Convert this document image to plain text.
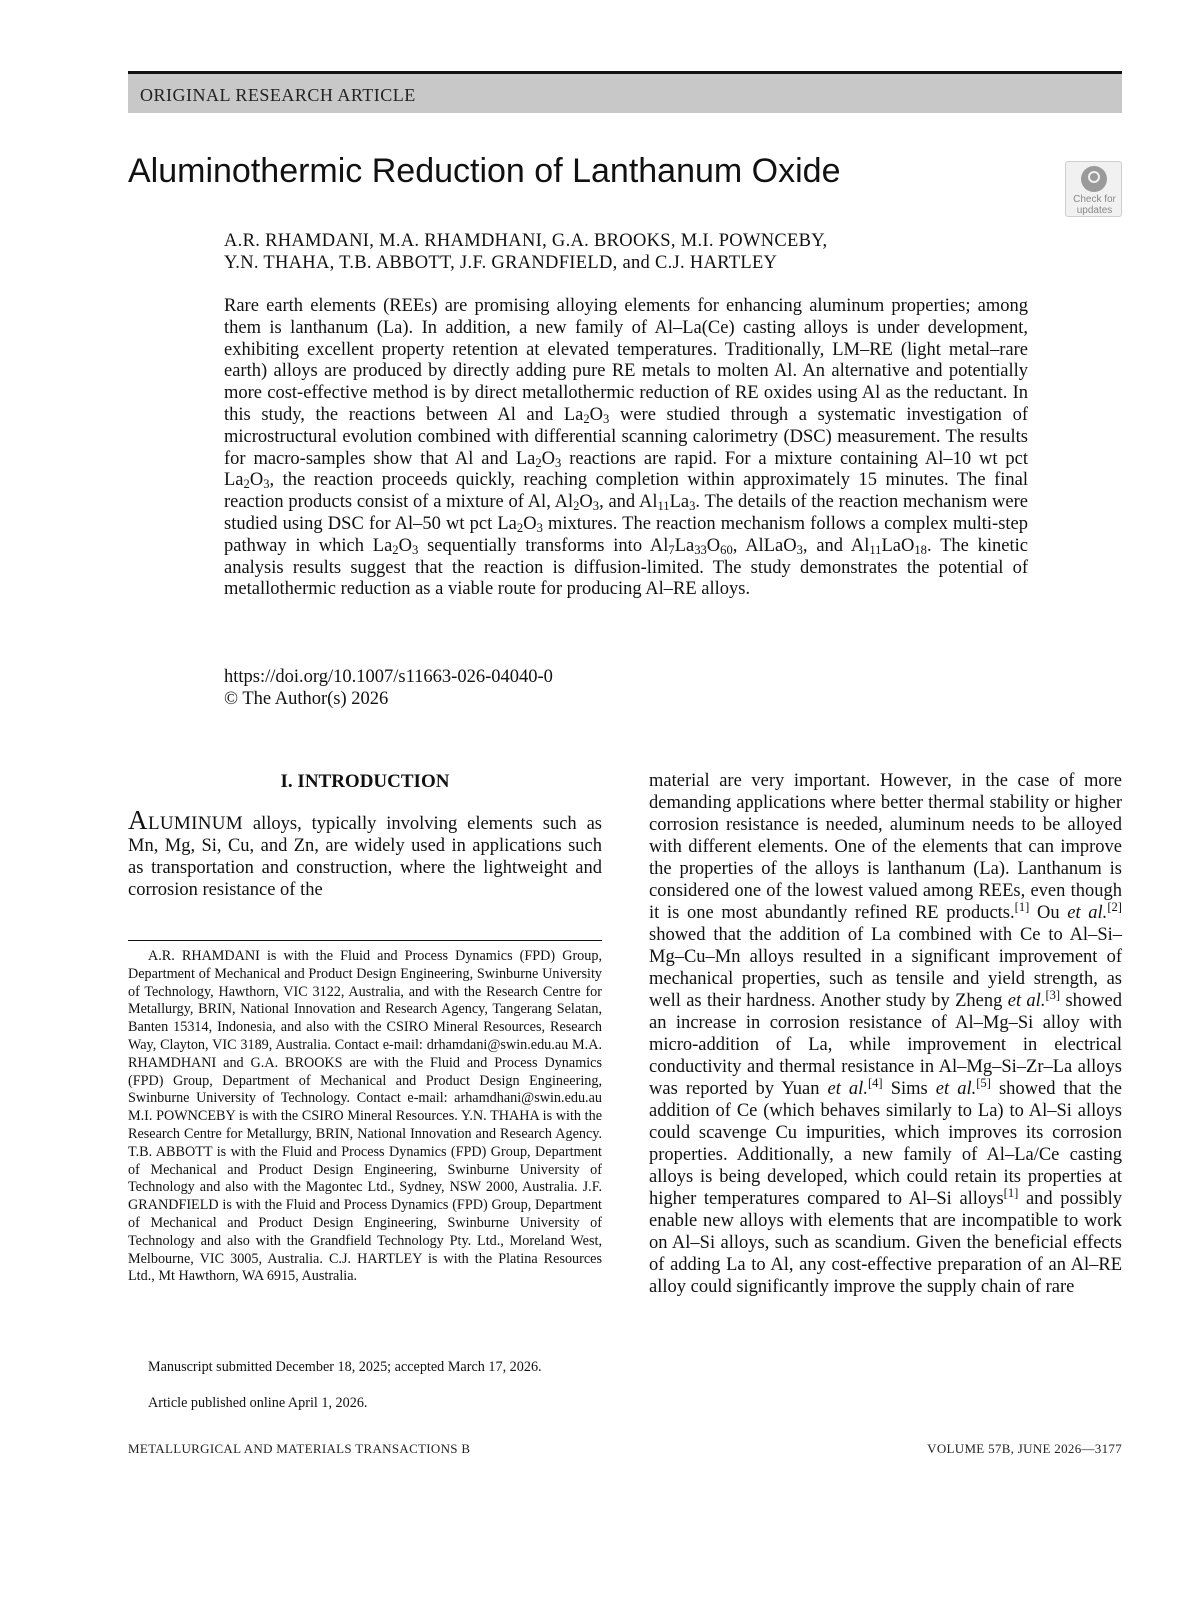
ORIGINAL RESEARCH ARTICLE
Aluminothermic Reduction of Lanthanum Oxide
Check for
updates
A.R. RHAMDANI, M.A. RHAMDHANI, G.A. BROOKS, M.I. POWNCEBY,
Y.N. THAHA, T.B. ABBOTT, J.F. GRANDFIELD, and C.J. HARTLEY

Rare earth elements (REEs) are promising alloying elements for enhancing aluminum properties; among them is lanthanum (La). In addition, a new family of Al–La(Ce) casting alloys is under development, exhibiting excellent property retention at elevated temperatures. Traditionally, LM–RE (light metal–rare earth) alloys are produced by directly adding pure RE metals to molten Al. An alternative and potentially more cost-effective method is by direct metallothermic reduction of RE oxides using Al as the reductant. In this study, the reactions between Al and $La_2O_3$ were studied through a systematic investigation of microstructural evolution combined with differential scanning calorimetry (DSC) measurement. The results for macro-samples show that Al and $La_2O_3$ reactions are rapid. For a mixture containing Al–10 wt pct $La_2O_3$, the reaction proceeds quickly, reaching completion within approximately 15 minutes. The final reaction products consist of a mixture of Al, $Al_2O_3$, and $Al_{11}La_3$. The details of the reaction mechanism were studied using DSC for Al–50 wt pct $La_2O_3$ mixtures. The reaction mechanism follows a complex multi-step pathway in which $La_2O_3$ sequentially transforms into $Al_7La_{33}O_{60}$, AlLaO$_3$, and $Al_{11}LaO_{18}$. The kinetic analysis results suggest that the reaction is diffusion-limited. The study demonstrates the potential of metallothermic reduction as a viable route for producing Al–RE alloys.

https://doi.org/10.1007/s11663-026-04040-0
© The Author(s) 2026
I. INTRODUCTION

ALUMINUM alloys, typically involving elements such as Mn, Mg, Si, Cu, and Zn, are widely used in applications such as transportation and construction, where the lightweight and corrosion resistance of the

A.R. RHAMDANI is with the Fluid and Process Dynamics (FPD) Group, Department of Mechanical and Product Design Engineering, Swinburne University of Technology, Hawthorn, VIC 3122, Australia, and with the Research Centre for Metallurgy, BRIN, National Innovation and Research Agency, Tangerang Selatan, Banten 15314, Indonesia, and also with the CSIRO Mineral Resources, Research Way, Clayton, VIC 3189, Australia. Contact e-mail: drhamdani@swin.edu.au M.A. RHAMDHANI and G.A. BROOKS are with the Fluid and Process Dynamics (FPD) Group, Department of Mechanical and Product Design Engineering, Swinburne University of Technology. Contact e-mail: arhamdhani@swin.edu.au M.I. POWNCEBY is with the CSIRO Mineral Resources. Y.N. THAHA is with the Research Centre for Metallurgy, BRIN, National Innovation and Research Agency. T.B. ABBOTT is with the Fluid and Process Dynamics (FPD) Group, Department of Mechanical and Product Design Engineering, Swinburne University of Technology and also with the Magontec Ltd., Sydney, NSW 2000, Australia. J.F. GRANDFIELD is with the Fluid and Process Dynamics (FPD) Group, Department of Mechanical and Product Design Engineering, Swinburne University of Technology and also with the Grandfield Technology Pty. Ltd., Moreland West, Melbourne, VIC 3005, Australia. C.J. HARTLEY is with the Platina Resources Ltd., Mt Hawthorn, WA 6915, Australia.

Manuscript submitted December 18, 2025; accepted March 17, 2026.

Article published online April 1, 2026.

material are very important. However, in the case of more demanding applications where better thermal stability or higher corrosion resistance is needed, aluminum needs to be alloyed with different elements. One of the elements that can improve the properties of the alloys is lanthanum (La). Lanthanum is considered one of the lowest valued among REEs, even though it is one most abundantly refined RE products.[1] Ou et al.[2] showed that the addition of La combined with Ce to Al–Si–Mg–Cu–Mn alloys resulted in a significant improvement of mechanical properties, such as tensile and yield strength, as well as their hardness. Another study by Zheng et al.[3] showed an increase in corrosion resistance of Al–Mg–Si alloy with micro-addition of La, while improvement in electrical conductivity and thermal resistance in Al–Mg–Si–Zr–La alloys was reported by Yuan et al.[4] Sims et al.[5] showed that the addition of Ce (which behaves similarly to La) to Al–Si alloys could scavenge Cu impurities, which improves its corrosion properties. Additionally, a new family of Al–La/Ce casting alloys is being developed, which could retain its properties at higher temperatures compared to Al–Si alloys[1] and possibly enable new alloys with elements that are incompatible to work on Al–Si alloys, such as scandium. Given the beneficial effects of adding La to Al, any cost-effective preparation of an Al–RE alloy could significantly improve the supply chain of rare

METALLURGICAL AND MATERIALS TRANSACTIONS B	VOLUME 57B, JUNE 2026—3177
